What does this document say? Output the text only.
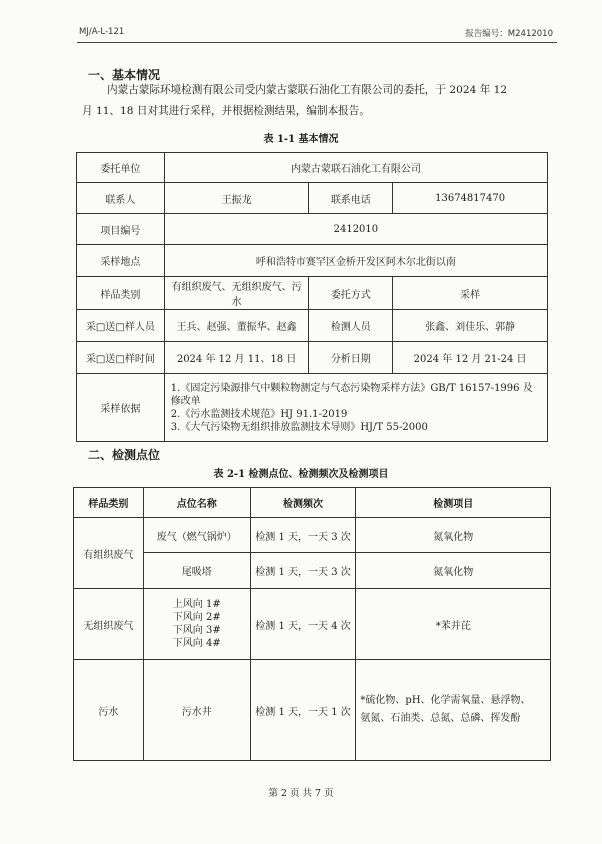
MJ/A-L-121	报告编号：M2412010
一、基本情况
内蒙古蒙际环境检测有限公司受内蒙古蒙联石油化工有限公司的委托，于 2024 年 12
月 11、18 日对其进行采样，并根据检测结果，编制本报告。
表 1-1 基本情况
委托单位	内蒙古蒙联石油化工有限公司		
联系人	王振龙	联系电话	13674817470
项目编号	2412010		
采样地点	呼和浩特市赛罕区金桥开发区阿木尔北街以南		
样品类别	有组织废气、无组织废气、污水	委托方式	采样
采□送□样人员	王兵、赵强、董振华、赵鑫	检测人员	张鑫、刘佳乐、郭静
采□送□样时间	2024 年 12 月 11、18 日	分析日期	2024 年 12 月 21-24 日
采样依据	1.《固定污染源排气中颗粒物测定与气态污染物采样方法》GB/T 16157-1996 及修改单
2.《污水监测技术规范》HJ 91.1-2019
3.《大气污染物无组织排放监测技术导则》HJ/T 55-2000		
二、检测点位
表 2-1 检测点位、检测频次及检测项目
样品类别	点位名称	检测频次	检测项目
有组织废气	废气（燃气锅炉）	检测 1 天，一天 3 次	氮氧化物
	尾吸塔	检测 1 天，一天 3 次	氮氧化物
无组织废气	上风向 1#
下风向 2#
下风向 3#
下风向 4#	检测 1 天，一天 4 次	*苯并芘
污水	污水井	检测 1 天，一天 1 次	*硫化物、pH、化学需氧量、悬浮物、
氨氮、石油类、总氮、总磷、挥发酚
第 2 页 共 7 页
